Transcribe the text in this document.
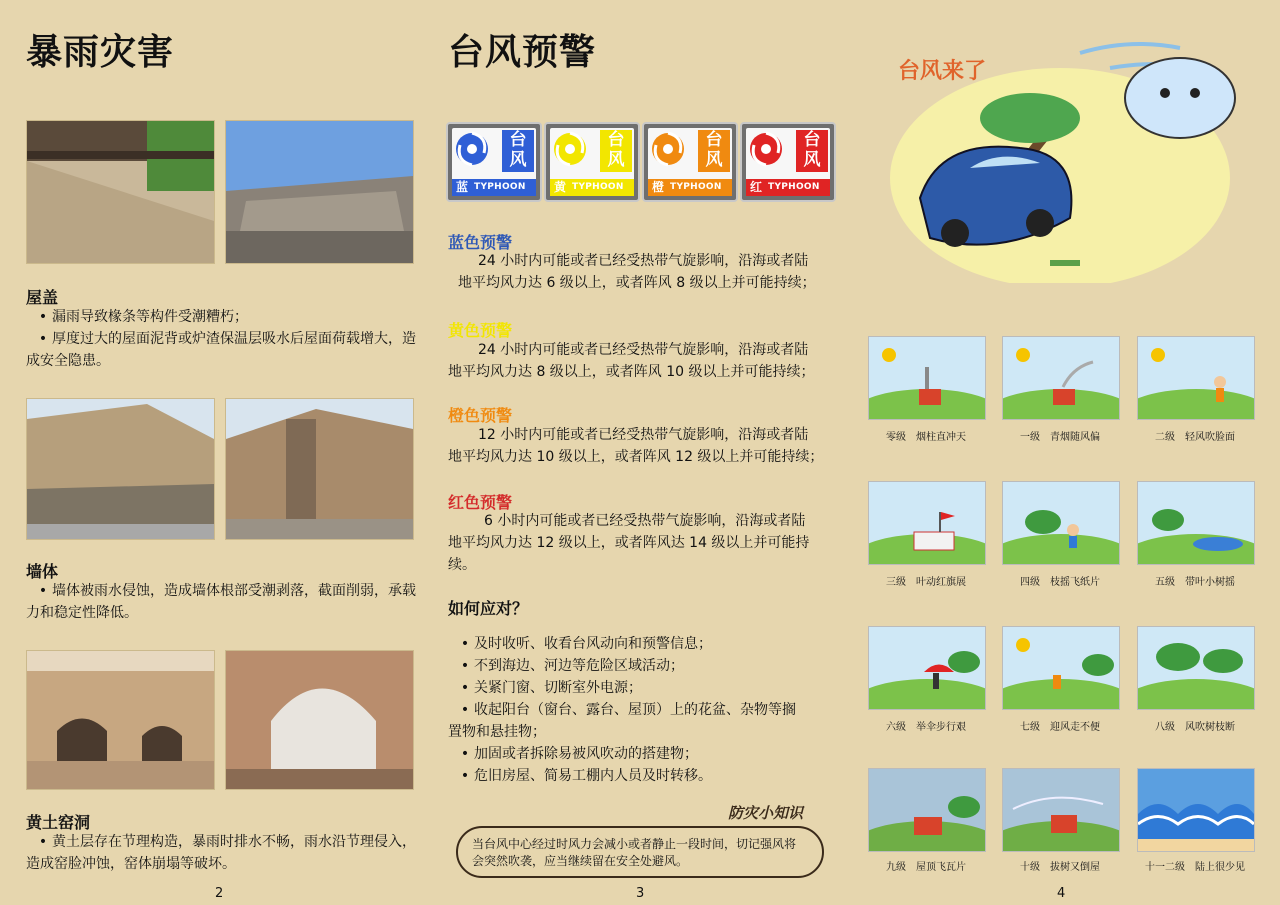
暴雨灾害
屋盖
• 漏雨导致椽条等构件受潮糟朽；
• 厚度过大的屋面泥背或炉渣保温层吸水后屋面荷载增大，造成安全隐患。
墙体
• 墙体被雨水侵蚀，造成墙体根部受潮剥落，截面削弱，承载力和稳定性降低。
黄土窑洞
• 黄土层存在节理构造，暴雨时排水不畅，雨水沿节理侵入，造成窑脸冲蚀，窑体崩塌等破坏。
2
台风预警
台风
蓝 TYPHOON
台风
黄 TYPHOON
台风
橙 TYPHOON
台风
红 TYPHOON
蓝色预警
24 小时内可能或者已经受热带气旋影响，沿海或者陆
地平均风力达 6 级以上，或者阵风 8 级以上并可能持续；
黄色预警
24 小时内可能或者已经受热带气旋影响，沿海或者陆
地平均风力达 8 级以上，或者阵风 10 级以上并可能持续；
橙色预警
12 小时内可能或者已经受热带气旋影响，沿海或者陆
地平均风力达 10 级以上，或者阵风 12 级以上并可能持续；
红色预警
6 小时内可能或者已经受热带气旋影响，沿海或者陆
地平均风力达 12 级以上，或者阵风达 14 级以上并可能持
续。
如何应对？
• 及时收听、收看台风动向和预警信息；
• 不到海边、河边等危险区域活动；
• 关紧门窗、切断室外电源；
• 收起阳台（窗台、露台、屋顶）上的花盆、杂物等搁
置物和悬挂物；
• 加固或者拆除易被风吹动的搭建物；
• 危旧房屋、简易工棚内人员及时转移。
防灾小知识
当台风中心经过时风力会减小或者静止一段时间，切记强风将
会突然吹袭，应当继续留在安全处避风。
3
台风来了
零级　烟柱直冲天	一级　青烟随风偏	二级　轻风吹脸面
三级　叶动红旗展	四级　枝摇飞纸片	五级　带叶小树摇
六级　举伞步行艰	七级　迎风走不便	八级　风吹树枝断
九级　屋顶飞瓦片	十级　拔树又倒屋	十一二级　陆上很少见
4
